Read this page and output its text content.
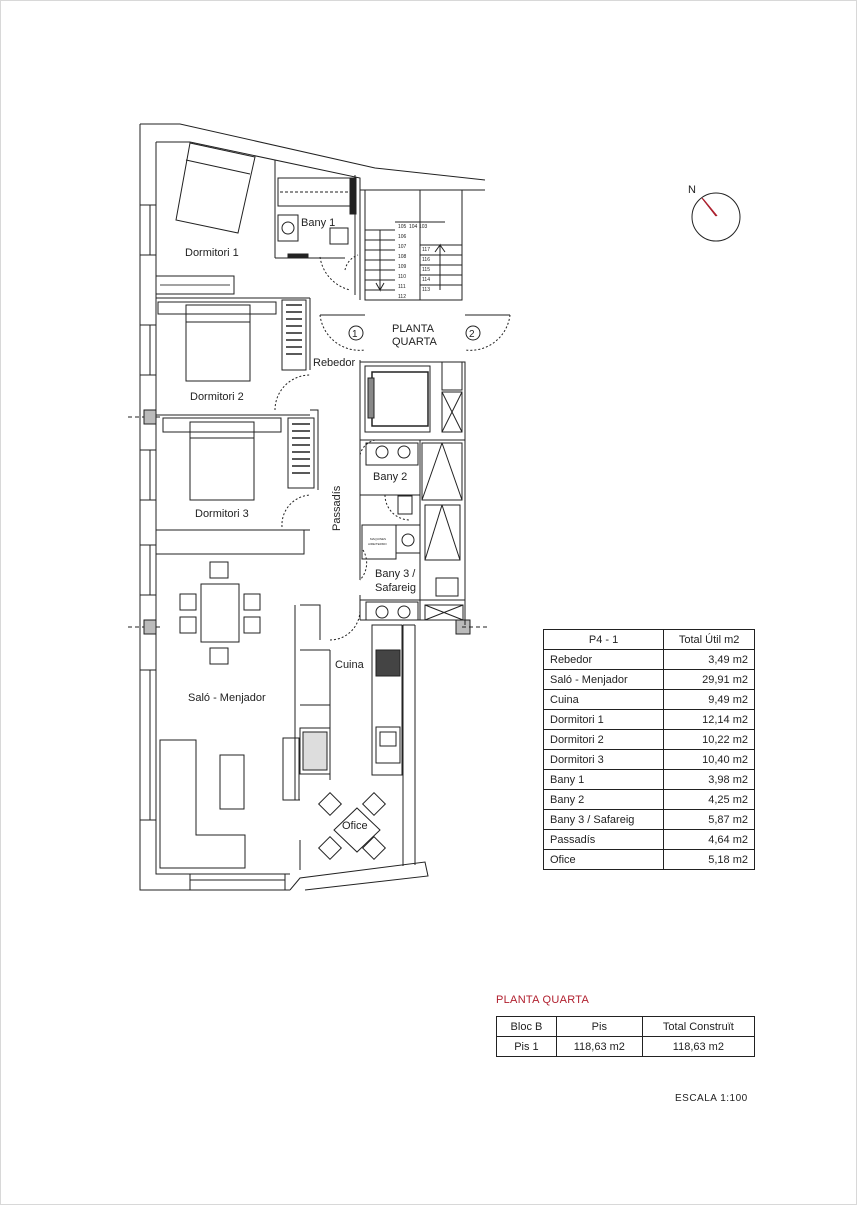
N
Dormitori 1
Bany 1
Dormitori 2
Rebedor
Dormitori 3	Passadís
Bany 2
Bany 3 /
Safareig
Cuina
Saló - Menjador
Ofice
PLANTA
QUARTA
1	2
MAQUINES
AIRE/TERMO
105
106
107
108
109
110
111
112
104 103
117
116
115
114
113
P4 - 1	Total Útil m2
Rebedor	3,49 m2
Saló - Menjador	29,91 m2
Cuina	9,49 m2
Dormitori 1	12,14 m2
Dormitori 2	10,22 m2
Dormitori 3	10,40 m2
Bany 1	3,98 m2
Bany 2	4,25 m2
Bany 3 / Safareig	5,87 m2
Passadís	4,64 m2
Ofice	5,18 m2
PLANTA QUARTA
Bloc B	Pis	Total Construït
Pis 1	118,63 m2	118,63 m2
ESCALA 1:100
